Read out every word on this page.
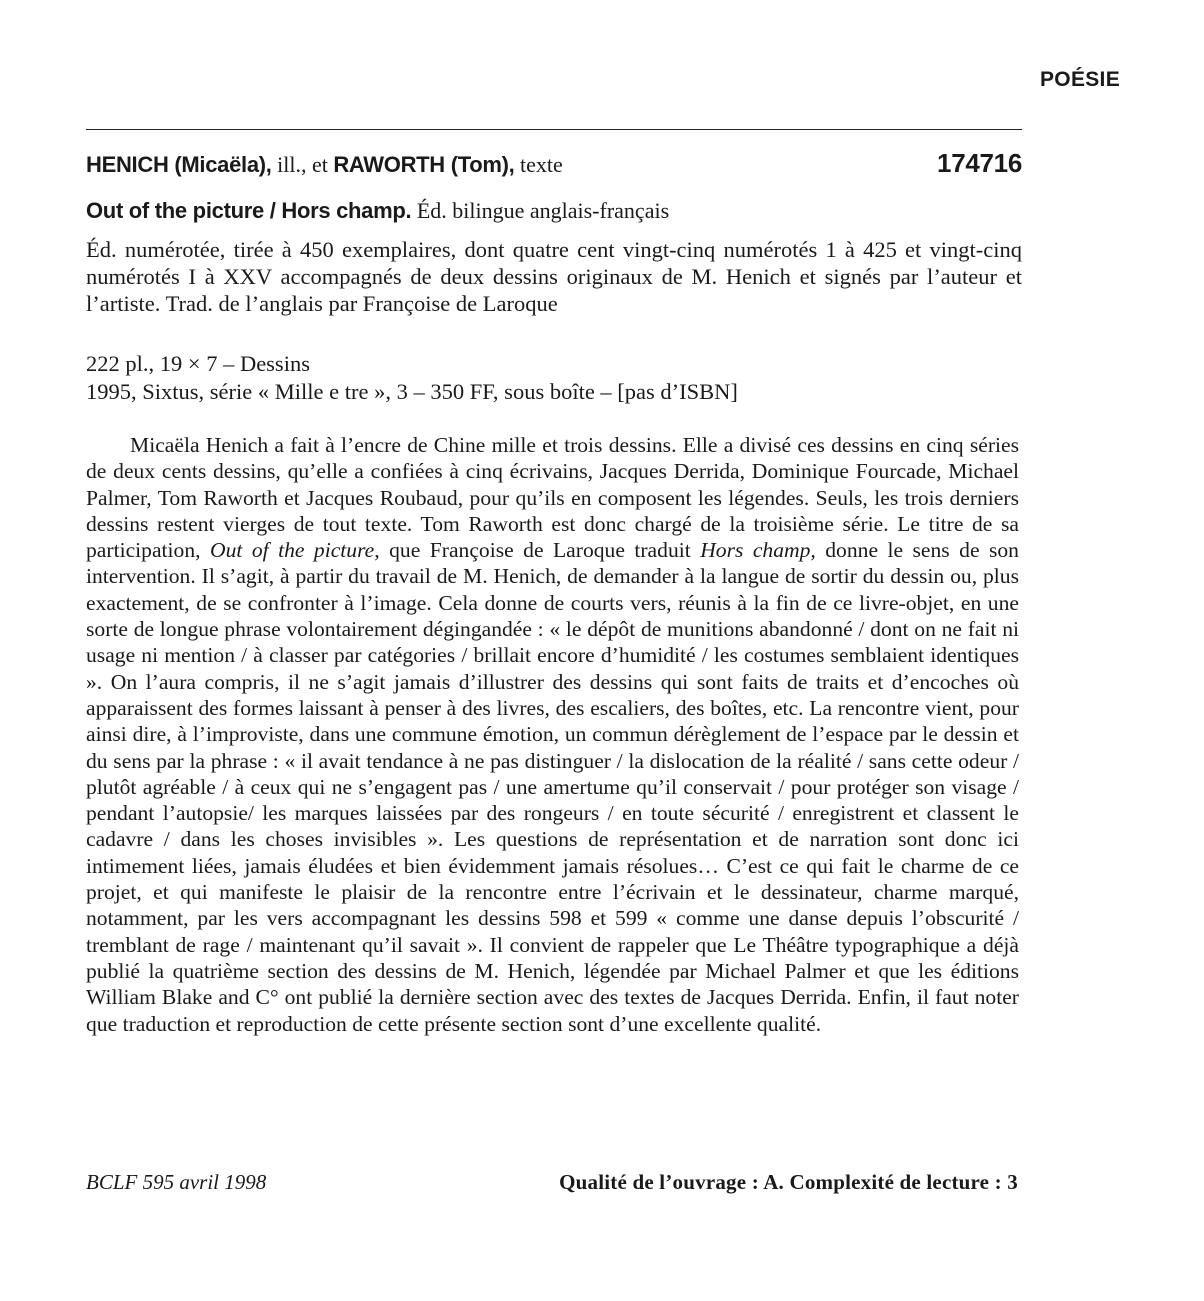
POÉSIE
HENICH (Micaëla), ill., et RAWORTH (Tom), texte	174716
Out of the picture / Hors champ. Éd. bilingue anglais-français
Éd. numérotée, tirée à 450 exemplaires, dont quatre cent vingt-cinq numérotés 1 à 425 et vingt-cinq numérotés I à XXV accompagnés de deux dessins originaux de M. Henich et signés par l’auteur et l’artiste. Trad. de l’anglais par Françoise de Laroque
222 pl., 19 × 7 – Dessins
1995, Sixtus, série « Mille e tre », 3 – 350 FF, sous boîte – [pas d’ISBN]

Micaëla Henich a fait à l’encre de Chine mille et trois dessins. Elle a divisé ces dessins en cinq séries de deux cents dessins, qu’elle a confiées à cinq écrivains, Jacques Derrida, Dominique Fourcade, Michael Palmer, Tom Raworth et Jacques Roubaud, pour qu’ils en composent les légendes. Seuls, les trois derniers dessins restent vierges de tout texte. Tom Raworth est donc chargé de la troisième série. Le titre de sa participation, Out of the picture, que Françoise de Laroque traduit Hors champ, donne le sens de son intervention. Il s’agit, à partir du travail de M. Henich, de demander à la langue de sortir du dessin ou, plus exactement, de se confronter à l’image. Cela donne de courts vers, réunis à la fin de ce livre-objet, en une sorte de longue phrase volontairement dégingandée : « le dépôt de munitions abandonné / dont on ne fait ni usage ni mention / à classer par catégories / brillait encore d’humidité / les costumes semblaient identiques ». On l’aura compris, il ne s’agit jamais d’illustrer des dessins qui sont faits de traits et d’encoches où apparaissent des formes laissant à penser à des livres, des escaliers, des boîtes, etc. La rencontre vient, pour ainsi dire, à l’improviste, dans une commune émotion, un commun dérèglement de l’espace par le dessin et du sens par la phrase : « il avait tendance à ne pas distinguer / la dislocation de la réalité / sans cette odeur / plutôt agréable / à ceux qui ne s’engagent pas / une amertume qu’il conservait / pour protéger son visage / pendant l’autopsie/ les marques laissées par des rongeurs / en toute sécurité / enregistrent et classent le cadavre / dans les choses invisibles ». Les questions de représentation et de narration sont donc ici intimement liées, jamais éludées et bien évidemment jamais résolues… C’est ce qui fait le charme de ce projet, et qui manifeste le plaisir de la rencontre entre l’écrivain et le dessinateur, charme marqué, notamment, par les vers accompagnant les dessins 598 et 599 « comme une danse depuis l’obscurité / tremblant de rage / maintenant qu’il savait ». Il convient de rappeler que Le Théâtre typographique a déjà publié la quatrième section des dessins de M. Henich, légendée par Michael Palmer et que les éditions William Blake and C° ont publié la dernière section avec des textes de Jacques Derrida. Enfin, il faut noter que traduction et reproduction de cette présente section sont d’une excellente qualité.

BCLF 595 avril 1998	Qualité de l’ouvrage : A. Complexité de lecture : 3
